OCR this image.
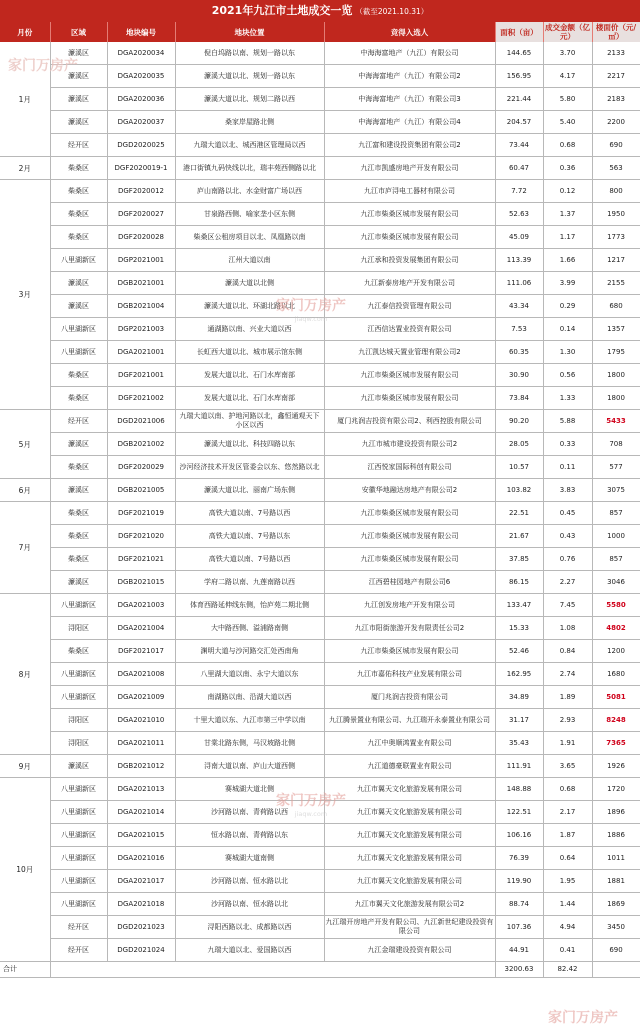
2021年九江市土地成交一览 （截至2021.10.31）
月份	区域	地块编号	地块位置	竞得入选人	面积（亩）	成交金额（亿元）	楼面价（元/㎡）
1月	濂溪区	DGA2020034	倪白坞路以南、规划一路以东	中海海富地产（九江）有限公司	144.65	3.70	2133
	濂溪区	DGA2020035	濂溪大道以北、规划一路以东	中海海富地产（九江）有限公司2	156.95	4.17	2217
	濂溪区	DGA2020036	濂溪大道以北、规划二路以西	中海海富地产（九江）有限公司3	221.44	5.80	2183
	濂溪区	DGA2020037	桑家岸屋路北侧	中海海富地产（九江）有限公司4	204.57	5.40	2200
	经开区	DGD2020025	九瑞大道以北、城西港区管理局以西	九江富和建设投资集团有限公司2	73.44	0.68	690
2月	柴桑区	DGF2020019-1	港口街镇九码快线以北，瑞丰苑西侧路以北	九江市凯盛房地产开发有限公司	60.47	0.36	563
3月	柴桑区	DGF2020012	庐山南路以北、水金财富广场以西	九江市庐浔电工器材有限公司	7.72	0.12	800
	柴桑区	DGF2020027	甘泉路西侧、喻家垄小区东侧	九江市柴桑区城市发展有限公司	52.63	1.37	1950
	柴桑区	DGF2020028	柴桑区公租房项目以北、凤凰路以南	九江市柴桑区城市发展有限公司	45.09	1.17	1773
	八里湖新区	DGP2021001	江州大道以南	九江承和投资发展集团有限公司	113.39	1.66	1217
	濂溪区	DGB2021001	濂溪大道以北侧	九江新泰房地产开发有限公司	111.06	3.99	2155
	濂溪区	DGB2021004	濂溪大道以北、环湖北路以北	九江泰信投资管理有限公司	43.34	0.29	680
	八里湖新区	DGP2021003	通湖路以南、兴业大道以西	江西信达置业投资有限公司	7.53	0.14	1357
	八里湖新区	DGA2021001	长虹西大道以北、城市展示馆东侧	九江凯达城天置业管理有限公司2	60.35	1.30	1795
	柴桑区	DGF2021001	发展大道以北、石门水库南部	九江市柴桑区城市发展有限公司	30.90	0.56	1800
	柴桑区	DGF2021002	发展大道以北、石门水库南部	九江市柴桑区城市发展有限公司	73.84	1.33	1800
5月	经开区	DGD2021006	九瑞大道以南、护地河路以北，鑫恒通观天下小区以西	厦门兆润吉投资有限公司2、利西控股有限公司	90.20	5.88	5433
	濂溪区	DGB2021002	濂溪大道以北、科技四路以东	九江市城市建设投资有限公司2	28.05	0.33	708
	柴桑区	DGF2020029	沙河经济技术开发区管委会以东、悠然路以北	江西悦家国际科创有限公司	10.57	0.11	577
6月	濂溪区	DGB2021005	濂溪大道以北、丽南广场东侧	安徽华地融达房地产有限公司2	103.82	3.83	3075
7月	柴桑区	DGF2021019	高铁大道以南、7号路以西	九江市柴桑区城市发展有限公司	22.51	0.45	857
	柴桑区	DGF2021020	高铁大道以南、7号路以东	九江市柴桑区城市发展有限公司	21.67	0.43	1000
	柴桑区	DGF2021021	高铁大道以南、7号路以西	九江市柴桑区城市发展有限公司	37.85	0.76	857
	濂溪区	DGB2021015	学府二路以南、九莲南路以西	江西碧桂园地产有限公司6	86.15	2.27	3046
8月	八里湖新区	DGA2021003	体育西路延伸线东侧，怡庐苑二期北侧	九江创发房地产开发有限公司	133.47	7.45	5580
	浔阳区	DGA2021004	大中路西侧、溢浦路南侧	九江市阳街旅游开发有限责任公司2	15.33	1.08	4802
	柴桑区	DGF2021017	渊明大道与沙河路交汇处西南角	九江市柴桑区城市发展有限公司	52.46	0.84	1200
	八里湖新区	DGA2021008	八里湖大道以南、永宁大道以东	九江市嘉佑科技产业发展有限公司	162.95	2.74	1680
	八里湖新区	DGA2021009	南湖路以南、沿湖大道以西	厦门兆润吉投资有限公司	34.89	1.89	5081
	浔阳区	DGA2021010	十里大道以东、九江市第三中学以南	九江腾景置业有限公司、九江瑞开永泰置业有限公司	31.17	2.93	8248
	浔阳区	DGA2021011	甘棠北路东侧，马汉坡路北侧	九江中奥顺鸿置业有限公司	35.43	1.91	7365
9月	濂溪区	DGB2021012	浔南大道以南、庐山大道西侧	九江道德豪联置业有限公司	111.91	3.65	1926
10月	八里湖新区	DGA2021013	赛城湖大道北侧	九江市翼天文化旅游发展有限公司	148.88	0.68	1720
	八里湖新区	DGA2021014	沙河路以南、青荷路以西	九江市翼天文化旅游发展有限公司	122.51	2.17	1896
	八里湖新区	DGA2021015	恒水路以南、青荷路以东	九江市翼天文化旅游发展有限公司	106.16	1.87	1886
	八里湖新区	DGA2021016	赛城湖大道南侧	九江市翼天文化旅游发展有限公司	76.39	0.64	1011
	八里湖新区	DGA2021017	沙河路以南、恒水路以北	九江市翼天文化旅游发展有限公司	119.90	1.95	1881
	八里湖新区	DGA2021018	沙河路以南、恒水路以北	九江市翼天文化旅游发展有限公司2	88.74	1.44	1869
	经开区	DGD2021023	浔阳西路以北、成都路以西	九江瑞开房地产开发有限公司、九江新世纪建设投资有限公司	107.36	4.94	3450
	经开区	DGD2021024	九瑞大道以北、爱国路以西	九江金瑞建设投资有限公司	44.91	0.41	690
合计					3200.63	82.42	
家门万房产
家门万房产
jiaqw.com
家门万房产
jiaqw.com
家门万房产
